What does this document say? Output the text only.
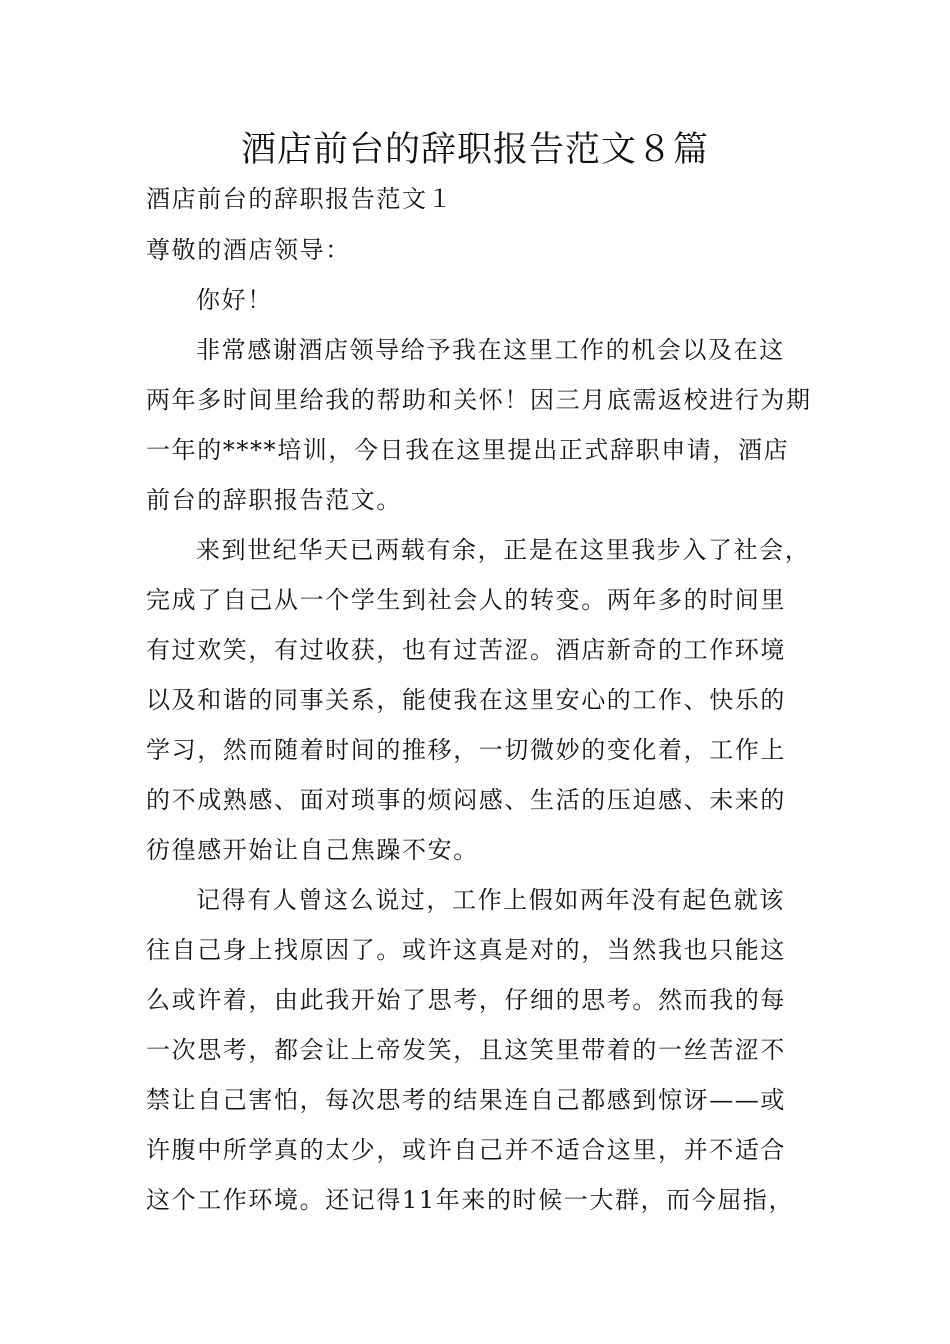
酒店前台的辞职报告范文８篇
酒店前台的辞职报告范文１
尊敬的酒店领导：
你好！
非常感谢酒店领导给予我在这里工作的机会以及在这
两年多时间里给我的帮助和关怀！因三月底需返校进行为期
一年的****培训，今日我在这里提出正式辞职申请，酒店
前台的辞职报告范文。
来到世纪华天已两载有余，正是在这里我步入了社会，
完成了自己从一个学生到社会人的转变。两年多的时间里
有过欢笑，有过收获，也有过苦涩。酒店新奇的工作环境
以及和谐的同事关系，能使我在这里安心的工作、快乐的
学习，然而随着时间的推移，一切微妙的变化着，工作上
的不成熟感、面对琐事的烦闷感、生活的压迫感、未来的
彷徨感开始让自己焦躁不安。
记得有人曾这么说过，工作上假如两年没有起色就该
往自己身上找原因了。或许这真是对的，当然我也只能这
么或许着，由此我开始了思考，仔细的思考。然而我的每
一次思考，都会让上帝发笑，且这笑里带着的一丝苦涩不
禁让自己害怕，每次思考的结果连自己都感到惊讶——或
许腹中所学真的太少，或许自己并不适合这里，并不适合
这个工作环境。还记得11年来的时候一大群，而今屈指，
